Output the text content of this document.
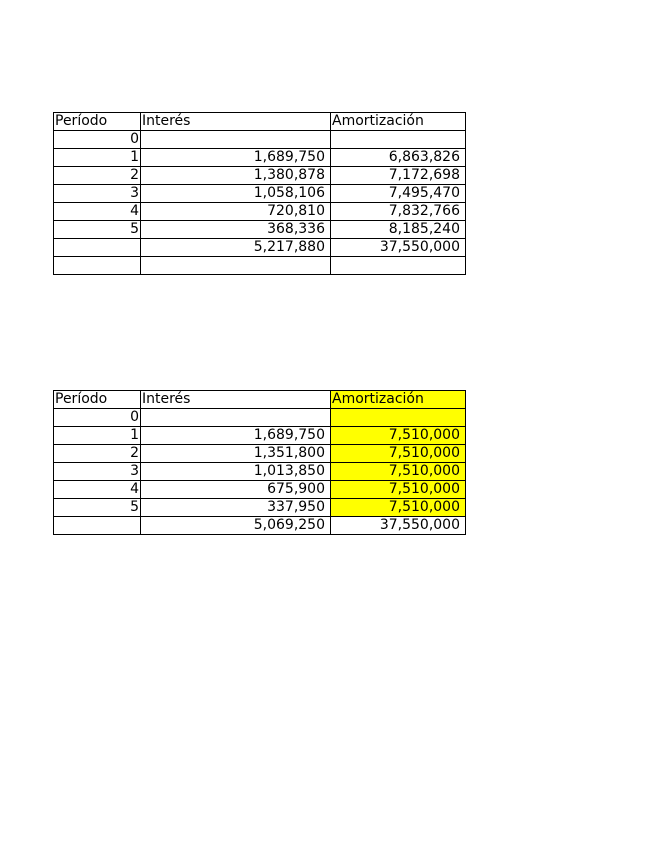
Período	Interés	Amortización
0		
1	1,689,750	6,863,826
2	1,380,878	7,172,698
3	1,058,106	7,495,470
4	720,810	7,832,766
5	368,336	8,185,240
	5,217,880	37,550,000

Período	Interés	Amortización
0		
1	1,689,750	7,510,000
2	1,351,800	7,510,000
3	1,013,850	7,510,000
4	675,900	7,510,000
5	337,950	7,510,000
	5,069,250	37,550,000
